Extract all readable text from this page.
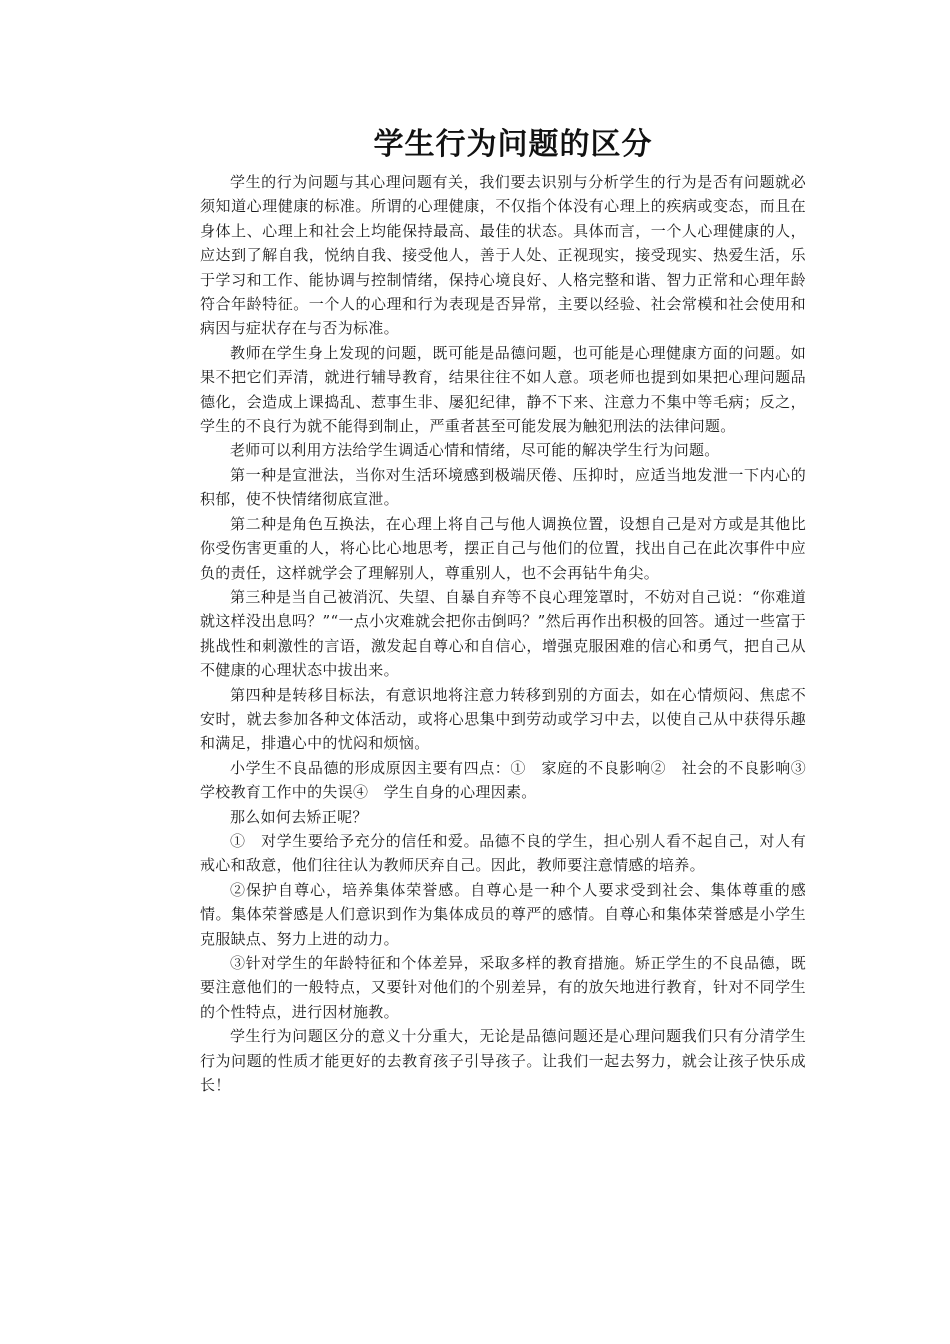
学生行为问题的区分

学生的行为问题与其心理问题有关，我们要去识别与分析学生的行为是否有问题就必须知道心理健康的标准。所谓的心理健康，不仅指个体没有心理上的疾病或变态，而且在身体上、心理上和社会上均能保持最高、最佳的状态。具体而言，一个人心理健康的人，应达到了解自我，悦纳自我、接受他人，善于人处、正视现实，接受现实、热爱生活，乐于学习和工作、能协调与控制情绪，保持心境良好、人格完整和谐、智力正常和心理年龄符合年龄特征。一个人的心理和行为表现是否异常，主要以经验、社会常模和社会使用和病因与症状存在与否为标准。

教师在学生身上发现的问题，既可能是品德问题，也可能是心理健康方面的问题。如果不把它们弄清，就进行辅导教育，结果往往不如人意。项老师也提到如果把心理问题品德化，会造成上课捣乱、惹事生非、屡犯纪律，静不下来、注意力不集中等毛病；反之，学生的不良行为就不能得到制止，严重者甚至可能发展为触犯刑法的法律问题。

老师可以利用方法给学生调适心情和情绪，尽可能的解决学生行为问题。

第一种是宣泄法，当你对生活环境感到极端厌倦、压抑时，应适当地发泄一下内心的积郁，使不快情绪彻底宣泄。

第二种是角色互换法，在心理上将自己与他人调换位置，设想自己是对方或是其他比你受伤害更重的人，将心比心地思考，摆正自己与他们的位置，找出自己在此次事件中应负的责任，这样就学会了理解别人，尊重别人，也不会再钻牛角尖。

第三种是当自己被消沉、失望、自暴自弃等不良心理笼罩时，不妨对自己说：“你难道就这样没出息吗？”“一点小灾难就会把你击倒吗？”然后再作出积极的回答。通过一些富于挑战性和刺激性的言语，激发起自尊心和自信心，增强克服困难的信心和勇气，把自己从不健康的心理状态中拔出来。

第四种是转移目标法，有意识地将注意力转移到别的方面去，如在心情烦闷、焦虑不安时，就去参加各种文体活动，或将心思集中到劳动或学习中去，以使自己从中获得乐趣和满足，排遣心中的忧闷和烦恼。

小学生不良品德的形成原因主要有四点：①　家庭的不良影响②　社会的不良影响③　学校教育工作中的失误④　学生自身的心理因素。

那么如何去矫正呢？

①　对学生要给予充分的信任和爱。品德不良的学生，担心别人看不起自己，对人有戒心和敌意，他们往往认为教师厌弃自己。因此，教师要注意情感的培养。

②保护自尊心，培养集体荣誉感。自尊心是一种个人要求受到社会、集体尊重的感情。集体荣誉感是人们意识到作为集体成员的尊严的感情。自尊心和集体荣誉感是小学生克服缺点、努力上进的动力。

③针对学生的年龄特征和个体差异，采取多样的教育措施。矫正学生的不良品德，既要注意他们的一般特点，又要针对他们的个别差异，有的放矢地进行教育，针对不同学生的个性特点，进行因材施教。

学生行为问题区分的意义十分重大，无论是品德问题还是心理问题我们只有分清学生行为问题的性质才能更好的去教育孩子引导孩子。让我们一起去努力，就会让孩子快乐成长！
